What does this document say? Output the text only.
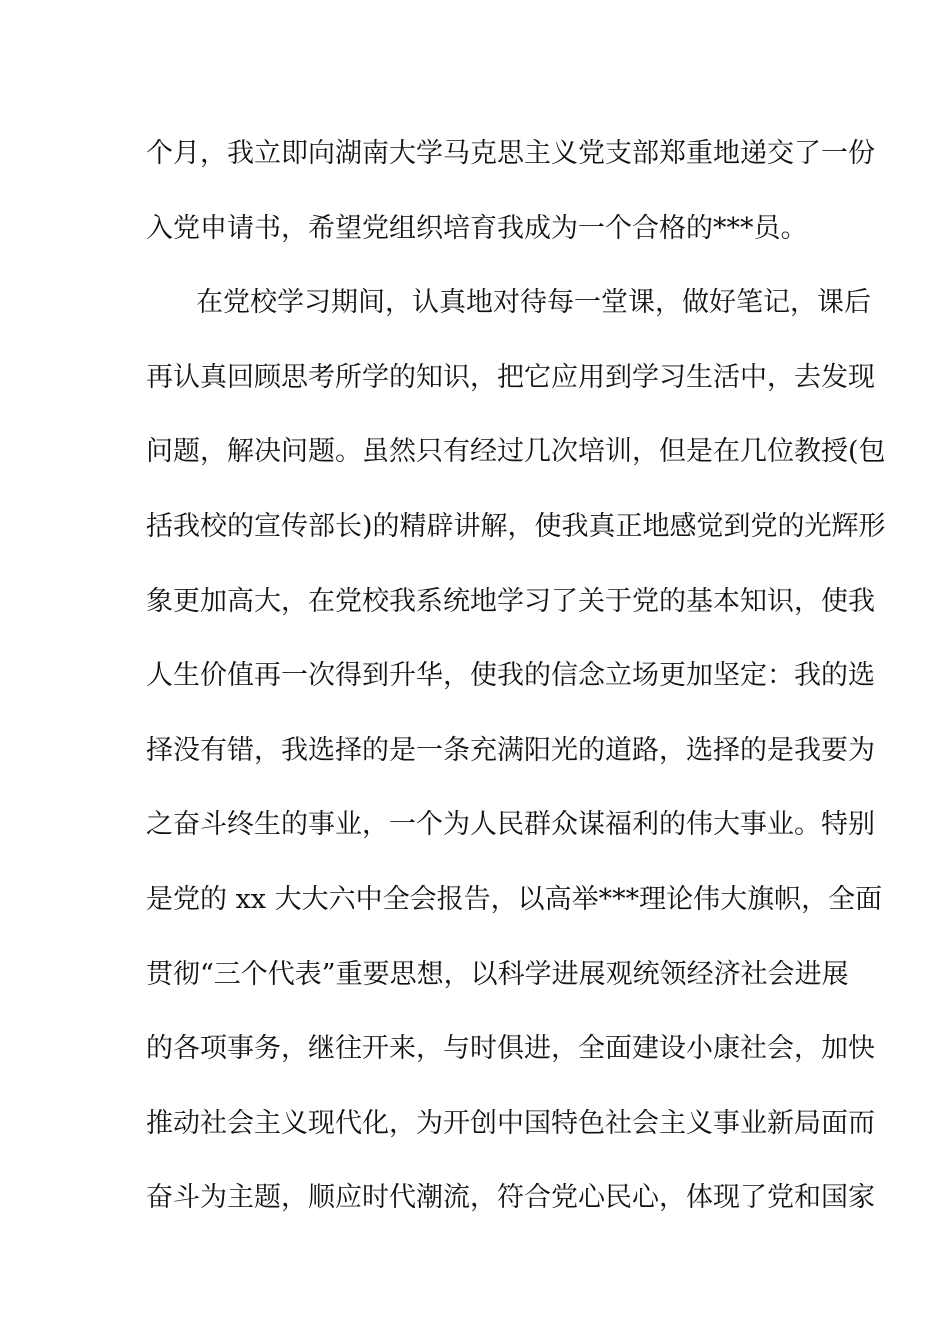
个月，我立即向湖南大学马克思主义党支部郑重地递交了一份
入党申请书，希望党组织培育我成为一个合格的***员。
在党校学习期间，认真地对待每一堂课，做好笔记，课后
再认真回顾思考所学的知识，把它应用到学习生活中，去发现
问题，解决问题。虽然只有经过几次培训，但是在几位教授(包
括我校的宣传部长)的精辟讲解，使我真正地感觉到党的光辉形
象更加高大，在党校我系统地学习了关于党的基本知识，使我
人生价值再一次得到升华，使我的信念立场更加坚定：我的选
择没有错，我选择的是一条充满阳光的道路，选择的是我要为
之奋斗终生的事业，一个为人民群众谋福利的伟大事业。特别
是党的 xx 大大六中全会报告，以高举***理论伟大旗帜，全面
贯彻“三个代表”重要思想，以科学进展观统领经济社会进展
的各项事务，继往开来，与时俱进，全面建设小康社会，加快
推动社会主义现代化，为开创中国特色社会主义事业新局面而
奋斗为主题，顺应时代潮流，符合党心民心，体现了党和国家
